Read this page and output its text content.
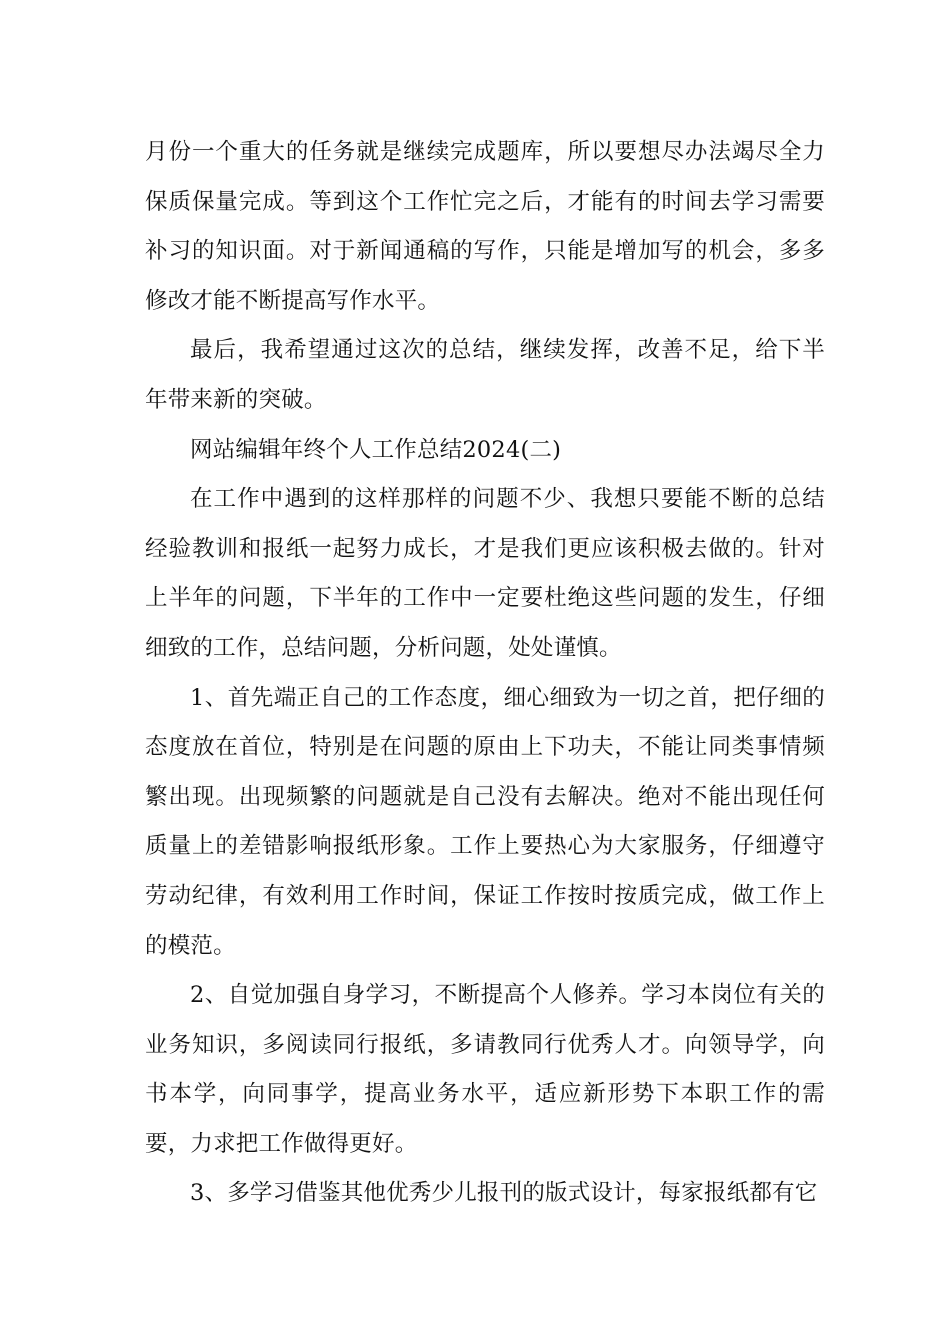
月份一个重大的任务就是继续完成题库，所以要想尽办法竭尽全力保质保量完成。等到这个工作忙完之后，才能有的时间去学习需要补习的知识面。对于新闻通稿的写作，只能是增加写的机会，多多修改才能不断提高写作水平。

最后，我希望通过这次的总结，继续发挥，改善不足，给下半年带来新的突破。

网站编辑年终个人工作总结2024(二)

在工作中遇到的这样那样的问题不少、我想只要能不断的总结经验教训和报纸一起努力成长，才是我们更应该积极去做的。针对上半年的问题，下半年的工作中一定要杜绝这些问题的发生，仔细细致的工作，总结问题，分析问题，处处谨慎。

1、首先端正自己的工作态度，细心细致为一切之首，把仔细的态度放在首位，特别是在问题的原由上下功夫，不能让同类事情频繁出现。出现频繁的问题就是自己没有去解决。绝对不能出现任何质量上的差错影响报纸形象。工作上要热心为大家服务，仔细遵守劳动纪律，有效利用工作时间，保证工作按时按质完成，做工作上的模范。

2、自觉加强自身学习，不断提高个人修养。学习本岗位有关的业务知识，多阅读同行报纸，多请教同行优秀人才。向领导学，向书本学，向同事学，提高业务水平，适应新形势下本职工作的需要，力求把工作做得更好。

3、多学习借鉴其他优秀少儿报刊的版式设计，每家报纸都有它
